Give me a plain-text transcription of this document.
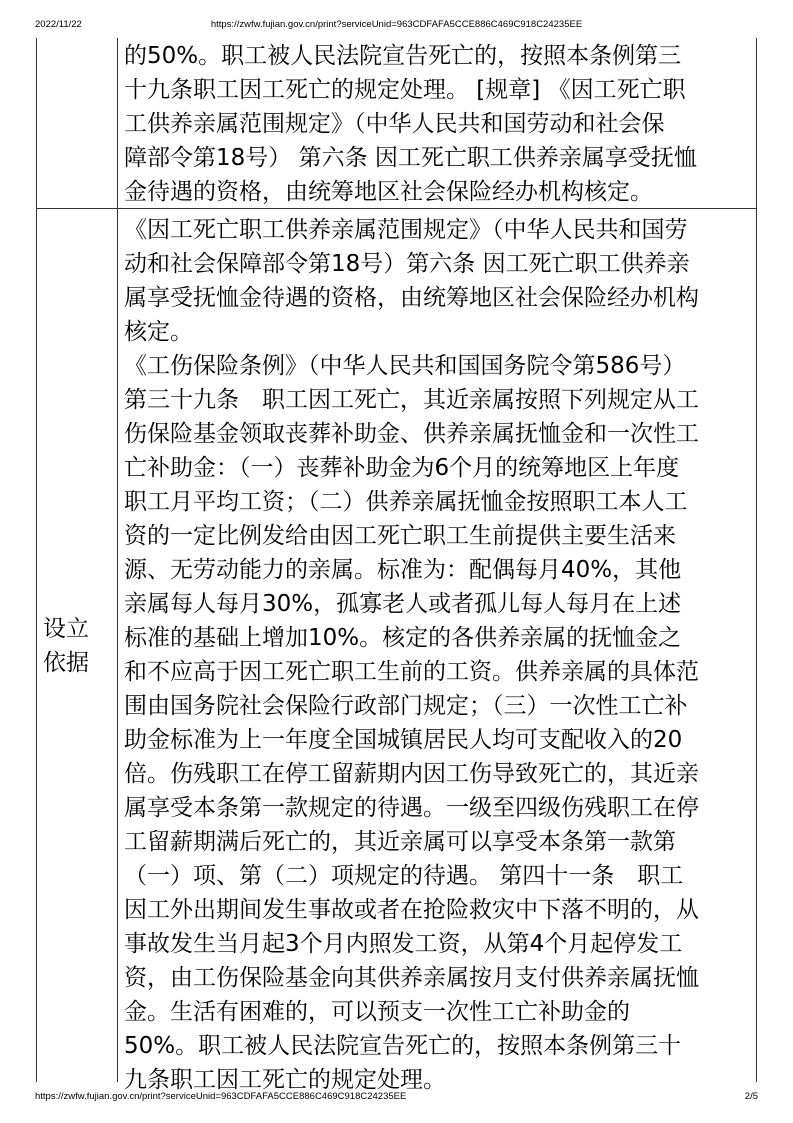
2022/11/22	https://zwfw.fujian.gov.cn/print?serviceUnid=963CDFAFA5CCE886C469C918C24235EE

的50%。职工被人民法院宣告死亡的，按照本条例第三

十九条职工因工死亡的规定处理。 [规章] 《因工死亡职

工供养亲属范围规定》（中华人民共和国劳动和社会保

障部令第18号） 第六条 因工死亡职工供养亲属享受抚恤

金待遇的资格，由统筹地区社会保险经办机构核定。

设立

依据

《因工死亡职工供养亲属范围规定》（中华人民共和国劳

动和社会保障部令第18号）第六条 因工死亡职工供养亲

属享受抚恤金待遇的资格，由统筹地区社会保险经办机构

核定。

《工伤保险条例》（中华人民共和国国务院令第586号）

第三十九条　职工因工死亡，其近亲属按照下列规定从工

伤保险基金领取丧葬补助金、供养亲属抚恤金和一次性工

亡补助金：（一）丧葬补助金为6个月的统筹地区上年度

职工月平均工资；（二）供养亲属抚恤金按照职工本人工

资的一定比例发给由因工死亡职工生前提供主要生活来

源、无劳动能力的亲属。标准为：配偶每月40%，其他

亲属每人每月30%，孤寡老人或者孤儿每人每月在上述

标准的基础上增加10%。核定的各供养亲属的抚恤金之

和不应高于因工死亡职工生前的工资。供养亲属的具体范

围由国务院社会保险行政部门规定；（三）一次性工亡补

助金标准为上一年度全国城镇居民人均可支配收入的20

倍。伤残职工在停工留薪期内因工伤导致死亡的，其近亲

属享受本条第一款规定的待遇。一级至四级伤残职工在停

工留薪期满后死亡的，其近亲属可以享受本条第一款第

（一）项、第（二）项规定的待遇。 第四十一条　职工

因工外出期间发生事故或者在抢险救灾中下落不明的，从

事故发生当月起3个月内照发工资，从第4个月起停发工

资，由工伤保险基金向其供养亲属按月支付供养亲属抚恤

金。生活有困难的，可以预支一次性工亡补助金的

50%。职工被人民法院宣告死亡的，按照本条例第三十

九条职工因工死亡的规定处理。

https://zwfw.fujian.gov.cn/print?serviceUnid=963CDFAFA5CCE886C469C918C24235EE	2/5
